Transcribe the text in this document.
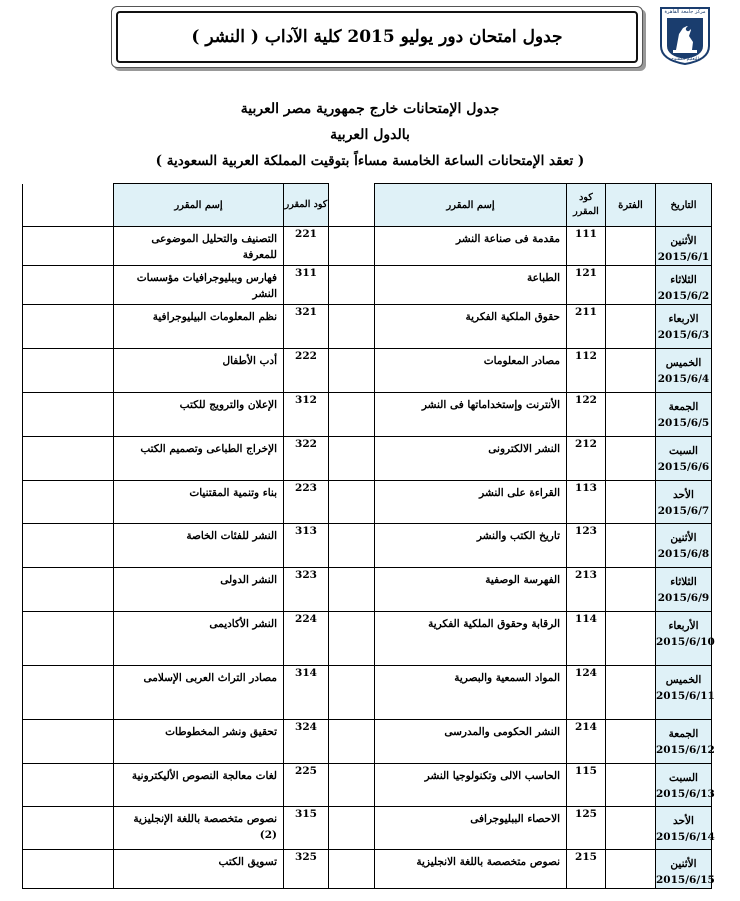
جدول امتحان دور يوليو 2015 كلية الآداب ( النشر )
مركز جامعة القاهرة
للتعليم المفتوح
جدول الإمتحانات خارج جمهورية مصر العربية
بالدول العربية
( تعقد الإمتحانات الساعة الخامسة مساءاً بتوقيت المملكة العربية السعودية )
التاريخ	الفترة	كود المقرر	إسم المقرر		كود المقرر	إسم المقرر	

الأثنين
2015/6/1		111	مقدمة فى صناعة النشر		221	التصنيف والتحليل الموضوعى للمعرفة	

الثلاثاء
2015/6/2		121	الطباعة		311	فهارس وببليوجرافيات مؤسسات النشر	

الاربعاء
2015/6/3		211	حقوق الملكية الفكرية		321	نظم المعلومات البيليوجرافية	

الخميس
2015/6/4		112	مصادر المعلومات		222	أدب الأطفال	

الجمعة
2015/6/5		122	الأنترنت وإستخداماتها فى النشر		312	الإعلان والترويج للكتب	

السبت
2015/6/6		212	النشر الالكترونى		322	الإخراج الطباعى وتصميم الكتب	

الأحد
2015/6/7		113	القراءة على النشر		223	بناء وتنمية المقتنيات	

الأثنين
2015/6/8		123	تاريخ الكتب والنشر		313	النشر للفئات الخاصة	

الثلاثاء
2015/6/9		213	الفهرسة الوصفية		323	النشر الدولى	

الأربعاء
2015/6/10		114	الرقابة وحقوق الملكية الفكرية		224	النشر الأكاديمى	

الخميس
2015/6/11		124	المواد السمعية والبصرية		314	مصادر التراث العربى الإسلامى	

الجمعة
2015/6/12		214	النشر الحكومى والمدرسى		324	تحقيق ونشر المخطوطات	

السبت
2015/6/13		115	الحاسب الالى وتكنولوجيا النشر		225	لغات معالجة النصوص الأليكترونية	

الأحد
2015/6/14		125	الاحصاء الببليوجرافى		315	نصوص متخصصة باللغة الإنجليزية (2)	

الأثنين
2015/6/15		215	نصوص متخصصة باللغة الانجليزية		325	تسويق الكتب	
